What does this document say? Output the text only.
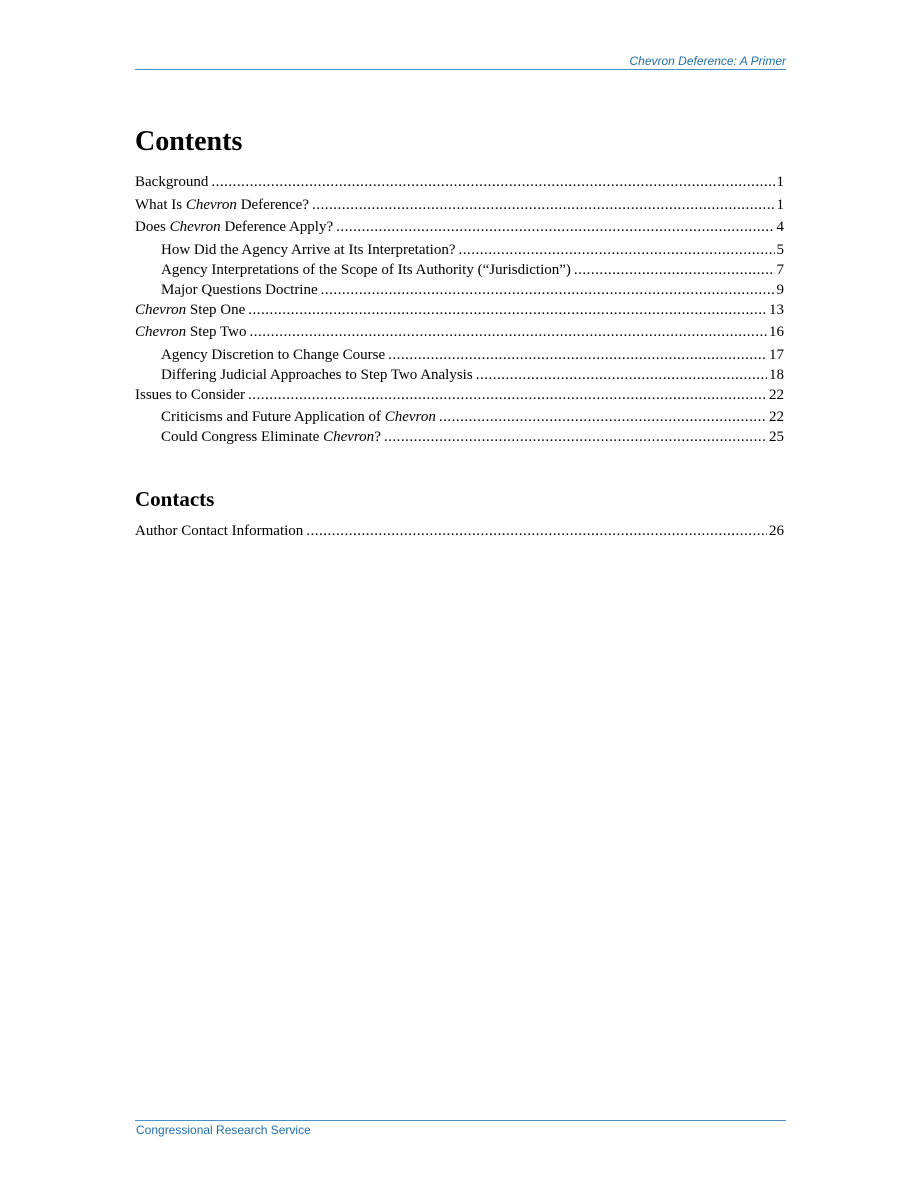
Chevron Deference: A Primer
Contents
Background .....	1
What Is Chevron Deference? .....	1
Does Chevron Deference Apply? .....	4
How Did the Agency Arrive at Its Interpretation? .....	5
Agency Interpretations of the Scope of Its Authority (“Jurisdiction”) .....	7
Major Questions Doctrine .....	9
Chevron Step One .....	13
Chevron Step Two .....	16
Agency Discretion to Change Course .....	17
Differing Judicial Approaches to Step Two Analysis .....	18
Issues to Consider .....	22
Criticisms and Future Application of Chevron .....	22
Could Congress Eliminate Chevron? .....	25
Contacts
Author Contact Information .....	26
Congressional Research Service
